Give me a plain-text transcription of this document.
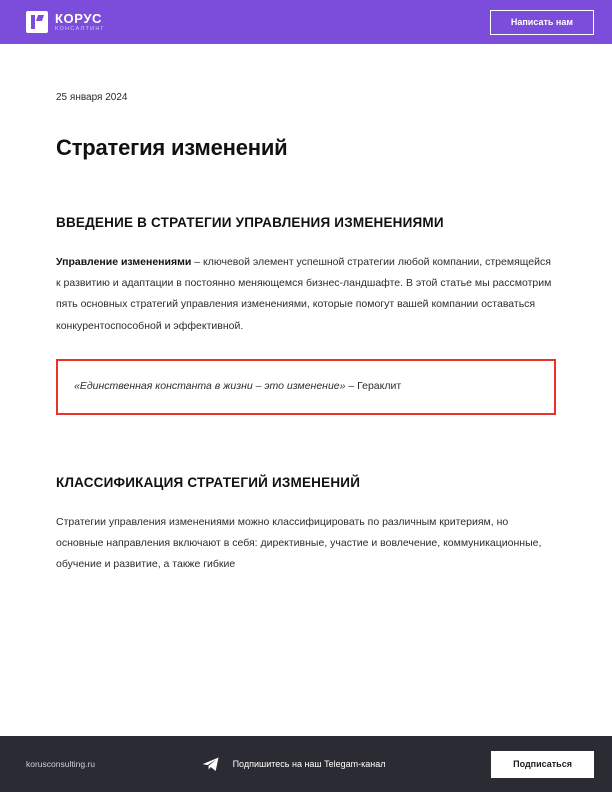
КОРУС
КОНСАЛТИНГ
Написать нам
25 января 2024
Стратегия изменений
ВВЕДЕНИЕ В СТРАТЕГИИ УПРАВЛЕНИЯ ИЗМЕНЕНИЯМИ

Управление изменениями – ключевой элемент успешной стратегии любой компании, стремящейся к развитию и адаптации в постоянно меняющемся бизнес-ландшафте. В этой статье мы рассмотрим пять основных стратегий управления изменениями, которые помогут вашей компании оставаться конкурентоспособной и эффективной.

«Единственная константа в жизни – это изменение» – Гераклит
КЛАССИФИКАЦИЯ СТРАТЕГИЙ ИЗМЕНЕНИЙ

Стратегии управления изменениями можно классифицировать по различным критериям, но основные направления включают в себя: директивные, участие и вовлечение, коммуникационные, обучение и развитие, а также гибкие

korusconsulting.ru	Подпишитесь на наш Telegam-канал	Подписаться
